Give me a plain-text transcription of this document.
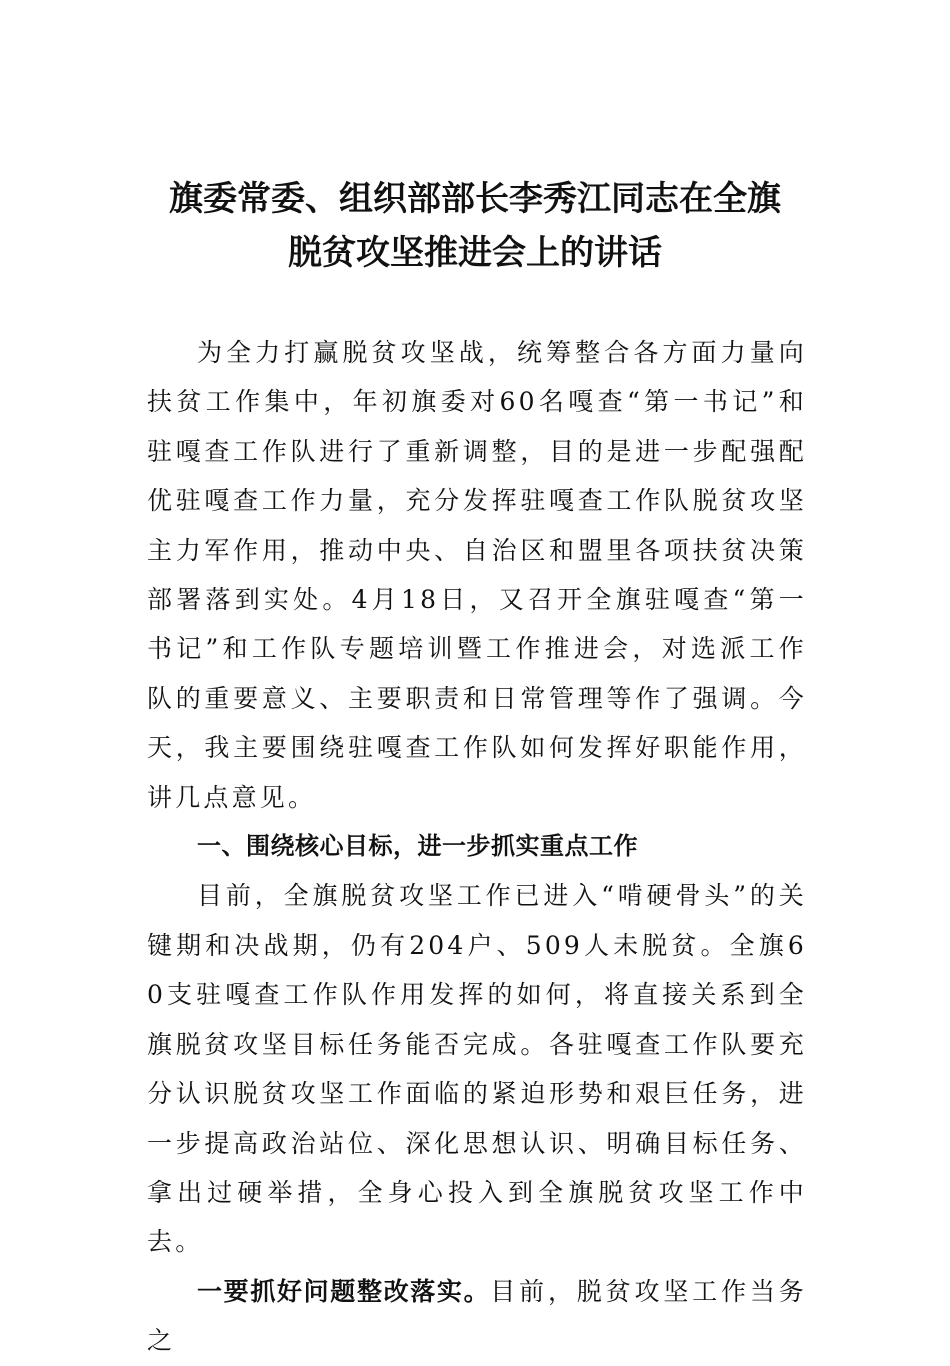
旗委常委、组织部部长李秀江同志在全旗
脱贫攻坚推进会上的讲话

为全力打赢脱贫攻坚战，统筹整合各方面力量向扶贫工作集中，年初旗委对60名嘎查“第一书记”和驻嘎查工作队进行了重新调整，目的是进一步配强配优驻嘎查工作力量，充分发挥驻嘎查工作队脱贫攻坚主力军作用，推动中央、自治区和盟里各项扶贫决策部署落到实处。4月18日，又召开全旗驻嘎查“第一书记”和工作队专题培训暨工作推进会，对选派工作队的重要意义、主要职责和日常管理等作了强调。今天，我主要围绕驻嘎查工作队如何发挥好职能作用，讲几点意见。

一、围绕核心目标，进一步抓实重点工作

目前，全旗脱贫攻坚工作已进入“啃硬骨头”的关键期和决战期，仍有204户、509人未脱贫。全旗60支驻嘎查工作队作用发挥的如何，将直接关系到全旗脱贫攻坚目标任务能否完成。各驻嘎查工作队要充分认识脱贫攻坚工作面临的紧迫形势和艰巨任务，进一步提高政治站位、深化思想认识、明确目标任务、拿出过硬举措，全身心投入到全旗脱贫攻坚工作中去。

一要抓好问题整改落实。目前，脱贫攻坚工作当务之
